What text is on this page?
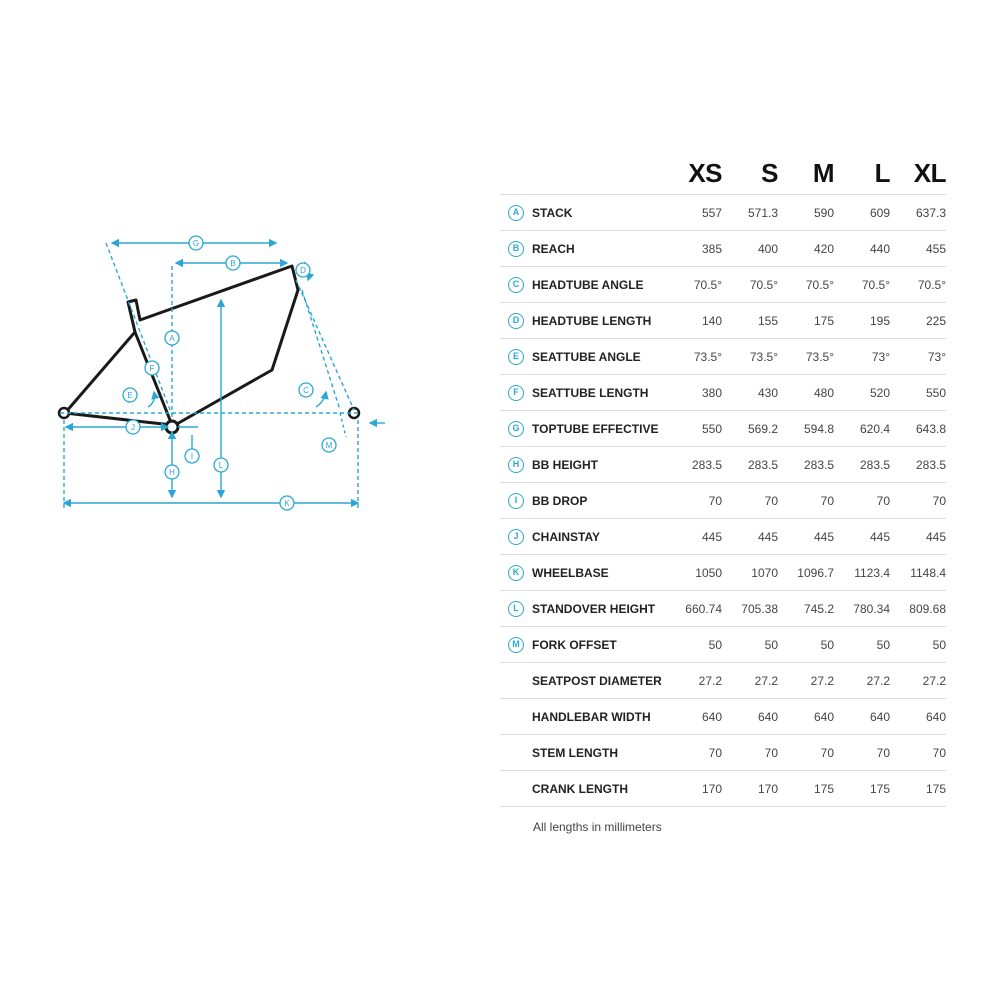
G
B
D
A
F
E
C
J
I
H
L
M
K
XS	S	M	L XL
A	STACK	557	571.3	590	609	637.3
B	REACH	385	400	420	440	455
C	HEADTUBE ANGLE	70.5°	70.5°	70.5°	70.5°	70.5°
D	HEADTUBE LENGTH	140	155	175	195	225
E	SEATTUBE ANGLE	73.5°	73.5°	73.5°	73°	73°
F	SEATTUBE LENGTH	380	430	480	520	550
G	TOPTUBE EFFECTIVE	550	569.2	594.8	620.4	643.8
H	BB HEIGHT	283.5	283.5	283.5	283.5	283.5
I	BB DROP	70	70	70	70	70
J	CHAINSTAY	445	445	445	445	445
K	WHEELBASE	1050	1070	1096.7	1123.4	1148.4
L	STANDOVER HEIGHT	660.74	705.38	745.2	780.34	809.68
M	FORK OFFSET	50	50	50	50	50
SEATPOST DIAMETER	27.2	27.2	27.2	27.2	27.2
HANDLEBAR WIDTH	640	640	640	640	640
STEM LENGTH	70	70	70	70	70
CRANK LENGTH	170	170	175	175	175
All lengths in millimeters
